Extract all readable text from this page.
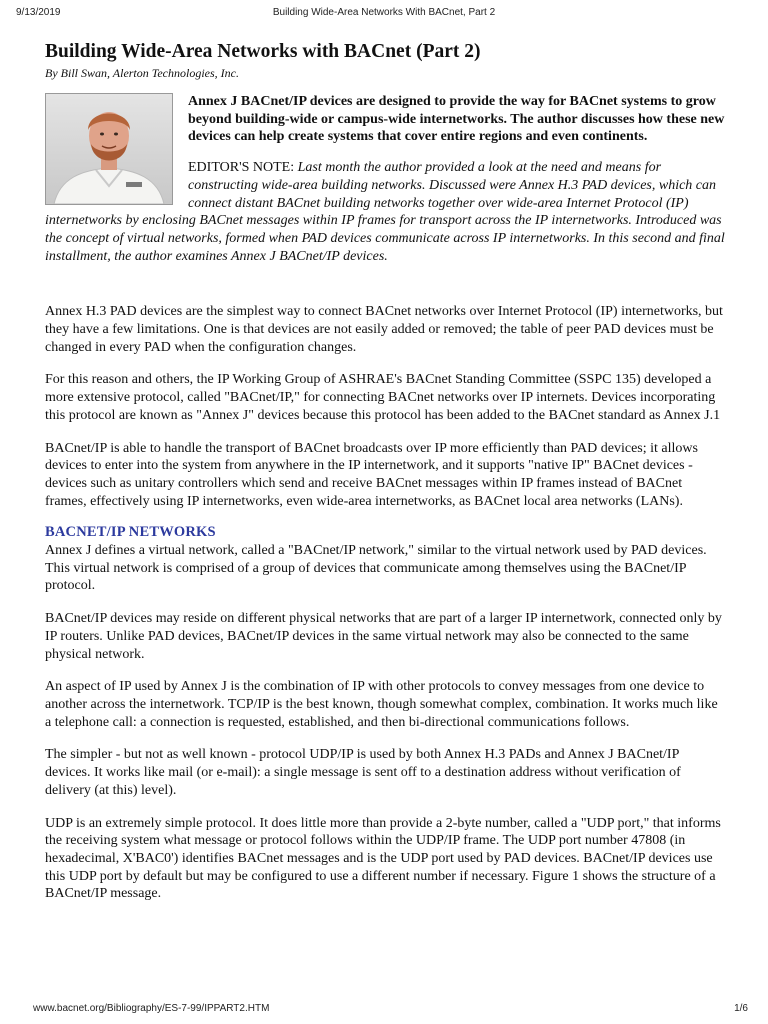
9/13/2019	Building Wide-Area Networks With BACnet, Part 2
Building Wide-Area Networks with BACnet (Part 2)
By Bill Swan, Alerton Technologies, Inc.

Annex J BACnet/IP devices are designed to provide the way for BACnet systems to grow beyond building-wide or campus-wide internetworks. The author discusses how these new devices can help create systems that cover entire regions and even continents.

EDITOR'S NOTE: Last month the author provided a look at the need and means for constructing wide-area building networks. Discussed were Annex H.3 PAD devices, which can connect distant BACnet building networks together over wide-area Internet Protocol (IP) internetworks by enclosing BACnet messages within IP frames for transport across the IP internetworks. Introduced was the concept of virtual networks, formed when PAD devices communicate across IP internetworks. In this second and final installment, the author examines Annex J BACnet/IP devices.

Annex H.3 PAD devices are the simplest way to connect BACnet networks over Internet Protocol (IP) internetworks, but they have a few limitations. One is that devices are not easily added or removed; the table of peer PAD devices must be changed in every PAD when the configuration changes.

For this reason and others, the IP Working Group of ASHRAE's BACnet Standing Committee (SSPC 135) developed a more extensive protocol, called "BACnet/IP," for connecting BACnet networks over IP internets. Devices incorporating this protocol are known as "Annex J" devices because this protocol has been added to the BACnet standard as Annex J.1

BACnet/IP is able to handle the transport of BACnet broadcasts over IP more efficiently than PAD devices; it allows devices to enter into the system from anywhere in the IP internetwork, and it supports "native IP" BACnet devices - devices such as unitary controllers which send and receive BACnet messages within IP frames instead of BACnet frames, effectively using IP internetworks, even wide-area internetworks, as BACnet local area networks (LANs).

BACNET/IP NETWORKS

Annex J defines a virtual network, called a "BACnet/IP network," similar to the virtual network used by PAD devices. This virtual network is comprised of a group of devices that communicate among themselves using the BACnet/IP protocol.

BACnet/IP devices may reside on different physical networks that are part of a larger IP internetwork, connected only by IP routers. Unlike PAD devices, BACnet/IP devices in the same virtual network may also be connected to the same physical network.

An aspect of IP used by Annex J is the combination of IP with other protocols to convey messages from one device to another across the internetwork. TCP/IP is the best known, though somewhat complex, combination. It works much like a telephone call: a connection is requested, established, and then bi-directional communications follows.

The simpler - but not as well known - protocol UDP/IP is used by both Annex H.3 PADs and Annex J BACnet/IP devices. It works like mail (or e-mail): a single message is sent off to a destination address without verification of delivery (at this) level).

UDP is an extremely simple protocol. It does little more than provide a 2-byte number, called a "UDP port," that informs the receiving system what message or protocol follows within the UDP/IP frame. The UDP port number 47808 (in hexadecimal, X'BAC0') identifies BACnet messages and is the UDP port used by PAD devices. BACnet/IP devices use this UDP port by default but may be configured to use a different number if necessary. Figure 1 shows the structure of a BACnet/IP message.

www.bacnet.org/Bibliography/ES-7-99/IPPART2.HTM	1/6
